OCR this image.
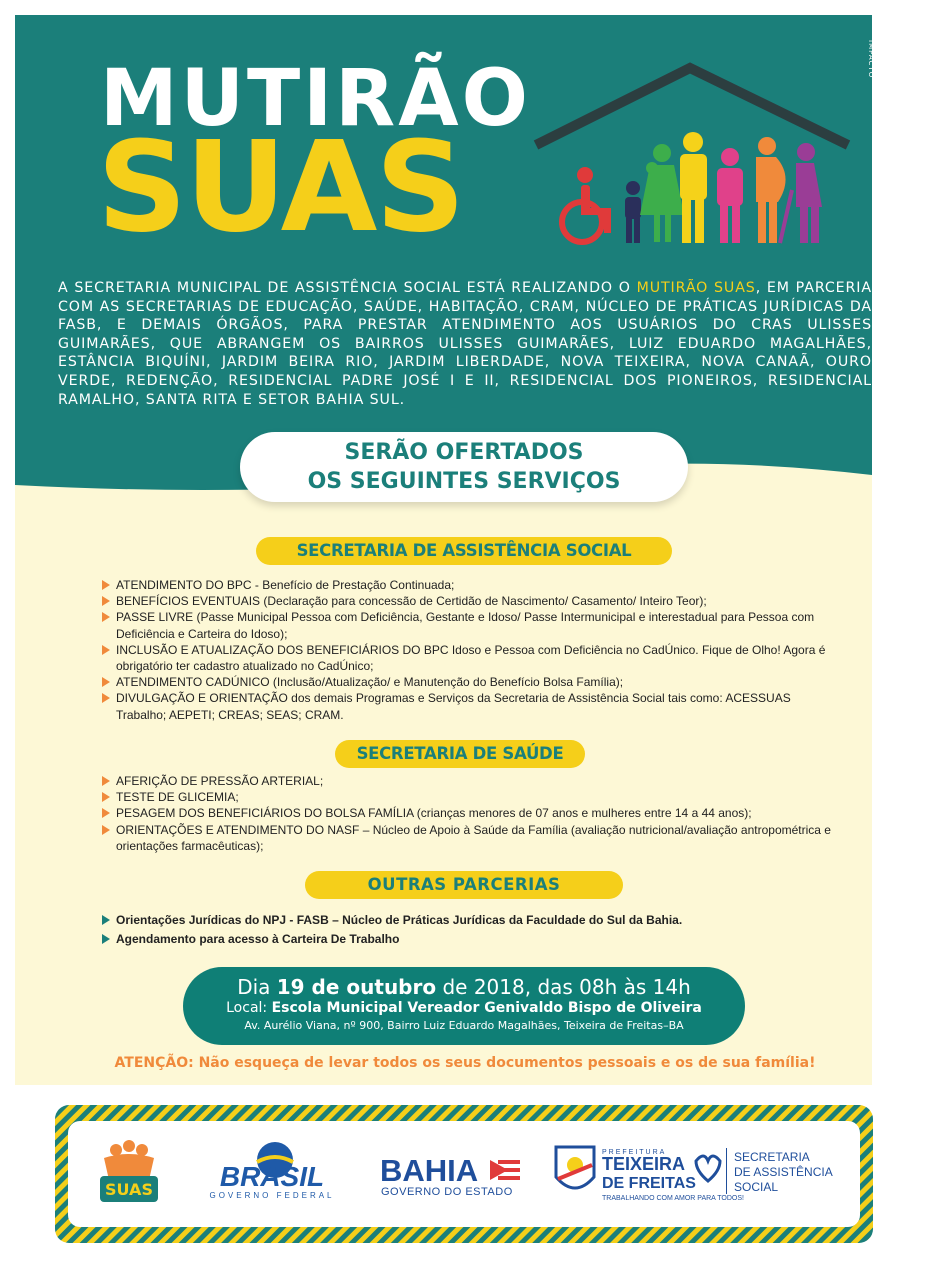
MUTIRÃO
SUAS
IMPACTO
A SECRETARIA MUNICIPAL DE ASSISTÊNCIA SOCIAL ESTÁ REALIZANDO O MUTIRÃO SUAS, EM PARCERIA COM AS SECRETARIAS DE EDUCAÇÃO, SAÚDE, HABITAÇÃO, CRAM, NÚCLEO DE PRÁTICAS JURÍDICAS DA FASB, E DEMAIS ÓRGÃOS, PARA PRESTAR ATENDIMENTO AOS USUÁRIOS DO CRAS ULISSES GUIMARÃES, QUE ABRANGEM OS BAIRROS ULISSES GUIMARÃES, LUIZ EDUARDO MAGALHÃES, ESTÂNCIA BIQUÍNI, JARDIM BEIRA RIO, JARDIM LIBERDADE, NOVA TEIXEIRA, NOVA CANAÃ, OURO VERDE, REDENÇÃO, RESIDENCIAL PADRE JOSÉ I E II, RESIDENCIAL DOS PIONEIROS, RESIDENCIAL RAMALHO, SANTA RITA E SETOR BAHIA SUL.
SERÃO OFERTADOS
OS SEGUINTES SERVIÇOS
SECRETARIA DE ASSISTÊNCIA SOCIAL
ATENDIMENTO DO BPC - Benefício de Prestação Continuada;
BENEFÍCIOS EVENTUAIS (Declaração para concessão de Certidão de Nascimento/ Casamento/ Inteiro Teor);
PASSE LIVRE (Passe Municipal Pessoa com Deficiência, Gestante e Idoso/ Passe Intermunicipal e interestadual para Pessoa com Deficiência e Carteira do Idoso);
INCLUSÃO E ATUALIZAÇÃO DOS BENEFICIÁRIOS DO BPC Idoso e Pessoa com Deficiência no CadÚnico. Fique de Olho! Agora é obrigatório ter cadastro atualizado no CadÚnico;
ATENDIMENTO CADÚNICO (Inclusão/Atualização/ e Manutenção do Benefício Bolsa Família);
DIVULGAÇÃO E ORIENTAÇÃO dos demais Programas e Serviços da Secretaria de Assistência Social tais como: ACESSUAS Trabalho; AEPETI; CREAS; SEAS; CRAM.
SECRETARIA DE SAÚDE
AFERIÇÃO DE PRESSÃO ARTERIAL;
TESTE DE GLICEMIA;
PESAGEM DOS BENEFICIÁRIOS DO BOLSA FAMÍLIA (crianças menores de 07 anos e mulheres entre 14 a 44 anos);
ORIENTAÇÕES E ATENDIMENTO DO NASF – Núcleo de Apoio à Saúde da Família (avaliação nutricional/avaliação antropométrica e orientações farmacêuticas);
OUTRAS PARCERIAS
Orientações Jurídicas do NPJ - FASB – Núcleo de Práticas Jurídicas da Faculdade do Sul da Bahia.
Agendamento para acesso à Carteira De Trabalho
Dia 19 de outubro de 2018, das 08h às 14h
Local: Escola Municipal Vereador Genivaldo Bispo de Oliveira
Av. Aurélio Viana, nº 900, Bairro Luiz Eduardo Magalhães, Teixeira de Freitas–BA
ATENÇÃO: Não esqueça de levar todos os seus documentos pessoais e os de sua família!
SUAS BRASIL
GOVERNO FEDERAL
BAHIA
GOVERNO DO ESTADO
PREFEITURA
TEIXEIRA
DE FREITAS
TRABALHANDO COM AMOR PARA TODOS!
SECRETARIA
DE ASSISTÊNCIA
SOCIAL
